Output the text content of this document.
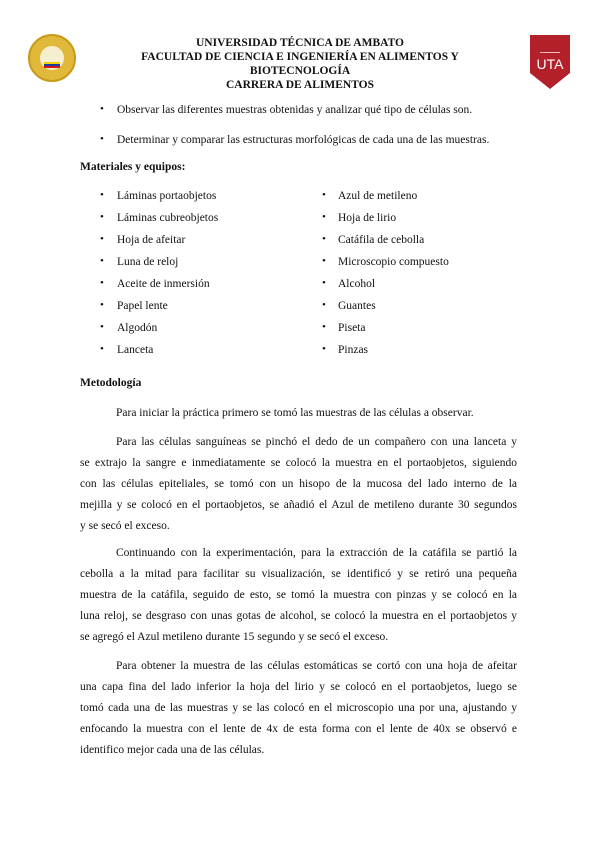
UNIVERSIDAD TÉCNICA DE AMBATO
FACULTAD DE CIENCIA E INGENIERÍA EN ALIMENTOS Y
BIOTECNOLOGÍA
CARRERA DE ALIMENTOS
UTA
• Observar las diferentes muestras obtenidas y analizar qué tipo de células son.
• Determinar y comparar las estructuras morfológicas de cada una de las muestras.
Materiales y equipos:
• Láminas portaobjetos
• Láminas cubreobjetos
• Hoja de afeitar
• Luna de reloj
• Aceite de inmersión
• Papel lente
• Algodón
• Lanceta
• Azul de metileno
• Hoja de lirio
• Catáfila de cebolla
• Microscopio compuesto
• Alcohol
• Guantes
• Piseta
• Pinzas
Metodología
Para iniciar la práctica primero se tomó las muestras de las células a observar.
Para las células sanguíneas se pinchó el dedo de un compañero con una lanceta y
se extrajo la sangre e inmediatamente se colocó la muestra en el portaobjetos, siguiendo
con las células epiteliales, se tomó con un hisopo de la mucosa del lado interno de la
mejilla y se colocó en el portaobjetos, se añadió el Azul de metileno durante 30 segundos
y se secó el exceso.
Continuando con la experimentación, para la extracción de la catáfila se partió la
cebolla a la mitad para facilitar su visualización, se identificó y se retiró una pequeña
muestra de la catáfila, seguido de esto, se tomó la muestra con pinzas y se colocó en la
luna reloj, se desgraso con unas gotas de alcohol, se colocó la muestra en el portaobjetos y
se agregó el Azul metileno durante 15 segundo y se secó el exceso.
Para obtener la muestra de las células estomáticas se cortó con una hoja de afeitar
una capa fina del lado inferior la hoja del lirio y se colocó en el portaobjetos, luego se
tomó cada una de las muestras y se las colocó en el microscopio una por una, ajustando y
enfocando la muestra con el lente de 4x de esta forma con el lente de 40x se observó e
identifico mejor cada una de las células.
